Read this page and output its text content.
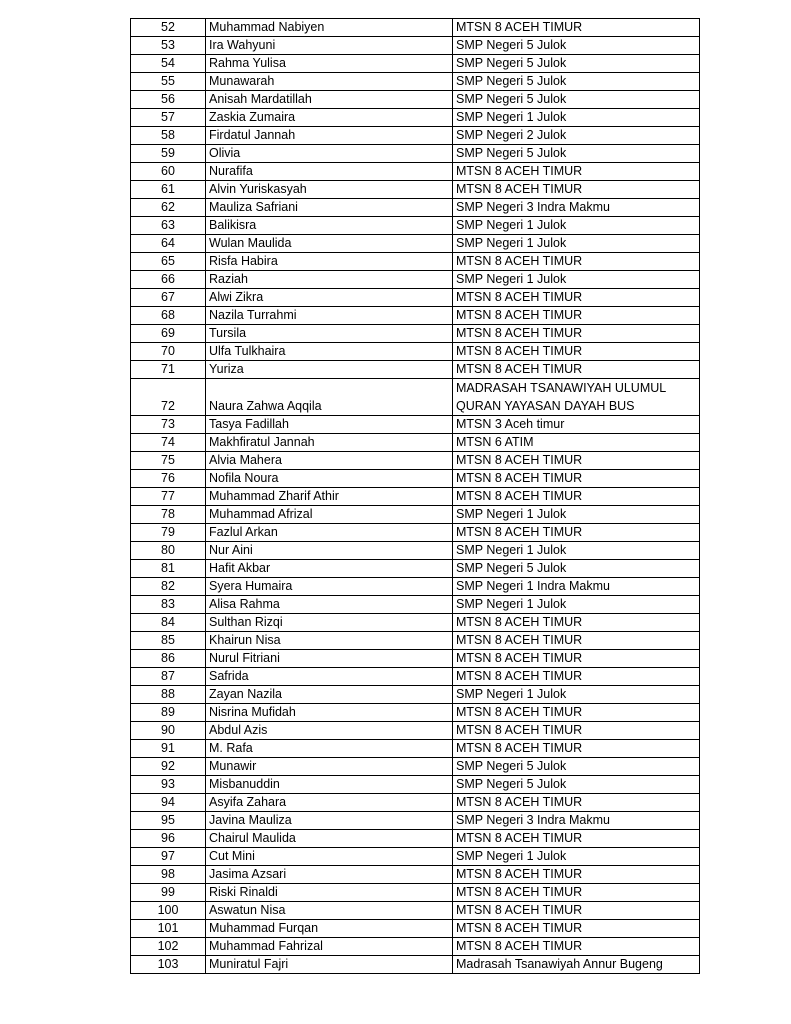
52	Muhammad Nabiyen	MTSN 8 ACEH TIMUR
53	Ira Wahyuni	SMP Negeri 5 Julok
54	Rahma Yulisa	SMP Negeri 5 Julok
55	Munawarah	SMP Negeri 5 Julok
56	Anisah Mardatillah	SMP Negeri 5 Julok
57	Zaskia Zumaira	SMP Negeri 1 Julok
58	Firdatul Jannah	SMP Negeri 2 Julok
59	Olivia	SMP Negeri 5 Julok
60	Nurafifa	MTSN 8 ACEH TIMUR
61	Alvin Yuriskasyah	MTSN 8 ACEH TIMUR
62	Mauliza Safriani	SMP Negeri 3 Indra Makmu
63	Balikisra	SMP Negeri 1 Julok
64	Wulan Maulida	SMP Negeri 1 Julok
65	Risfa Habira	MTSN 8 ACEH TIMUR
66	Raziah	SMP Negeri 1 Julok
67	Alwi Zikra	MTSN 8 ACEH TIMUR
68	Nazila Turrahmi	MTSN 8 ACEH TIMUR
69	Tursila	MTSN 8 ACEH TIMUR
70	Ulfa Tulkhaira	MTSN 8 ACEH TIMUR
71	Yuriza	MTSN 8 ACEH TIMUR
72	Naura Zahwa Aqqila	MADRASAH TSANAWIYAH ULUMUL QURAN YAYASAN DAYAH BUS
73	Tasya Fadillah	MTSN 3 Aceh timur
74	Makhfiratul Jannah	MTSN 6 ATIM
75	Alvia Mahera	MTSN 8 ACEH TIMUR
76	Nofila Noura	MTSN 8 ACEH TIMUR
77	Muhammad Zharif Athir	MTSN 8 ACEH TIMUR
78	Muhammad Afrizal	SMP Negeri 1 Julok
79	Fazlul Arkan	MTSN 8 ACEH TIMUR
80	Nur Aini	SMP Negeri 1 Julok
81	Hafit Akbar	SMP Negeri 5 Julok
82	Syera Humaira	SMP Negeri 1 Indra Makmu
83	Alisa Rahma	SMP Negeri 1 Julok
84	Sulthan Rizqi	MTSN 8 ACEH TIMUR
85	Khairun Nisa	MTSN 8 ACEH TIMUR
86	Nurul Fitriani	MTSN 8 ACEH TIMUR
87	Safrida	MTSN 8 ACEH TIMUR
88	Zayan Nazila	SMP Negeri 1 Julok
89	Nisrina Mufidah	MTSN 8 ACEH TIMUR
90	Abdul Azis	MTSN 8 ACEH TIMUR
91	M. Rafa	MTSN 8 ACEH TIMUR
92	Munawir	SMP Negeri 5 Julok
93	Misbanuddin	SMP Negeri 5 Julok
94	Asyifa Zahara	MTSN 8 ACEH TIMUR
95	Javina Mauliza	SMP Negeri 3 Indra Makmu
96	Chairul Maulida	MTSN 8 ACEH TIMUR
97	Cut Mini	SMP Negeri 1 Julok
98	Jasima Azsari	MTSN 8 ACEH TIMUR
99	Riski Rinaldi	MTSN 8 ACEH TIMUR
100	Aswatun Nisa	MTSN 8 ACEH TIMUR
101	Muhammad Furqan	MTSN 8 ACEH TIMUR
102	Muhammad Fahrizal	MTSN 8 ACEH TIMUR
103	Muniratul Fajri	Madrasah Tsanawiyah Annur Bugeng
